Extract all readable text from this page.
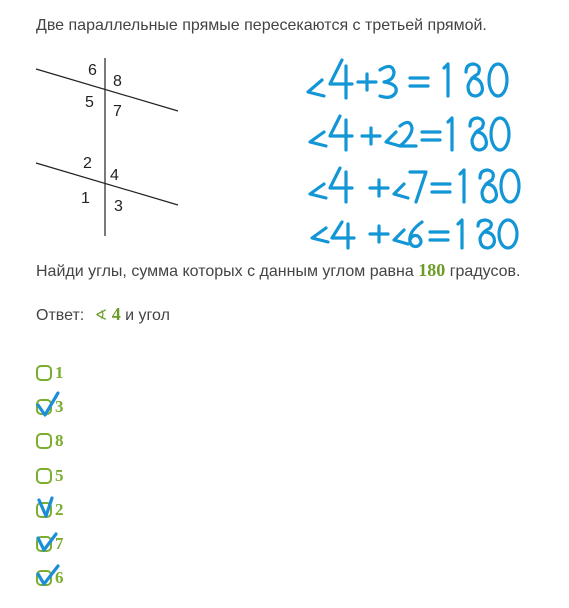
Две параллельные прямые пересекаются с третьей прямой.
6
8
5
7
2
4
1 3
Найди углы, сумма которых с данным углом равна 180 градусов.
Ответ: ∢ 4 и угол
1
3
8
5
2
7
6
